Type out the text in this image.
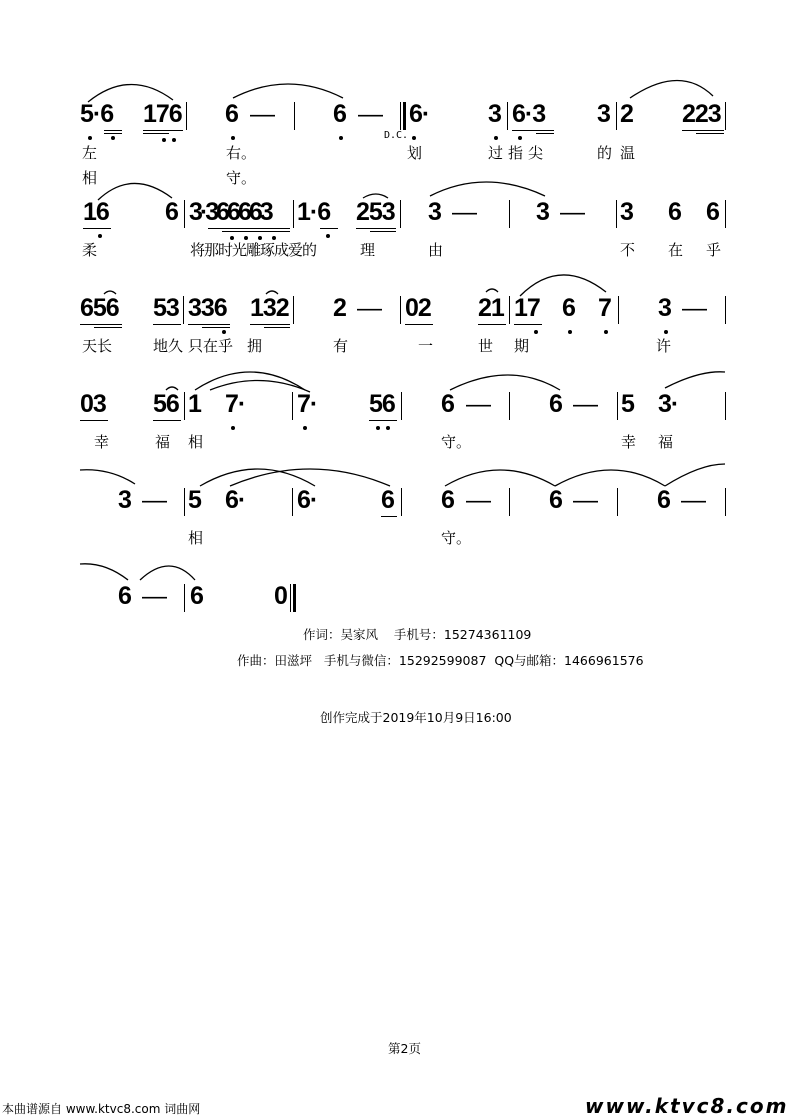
5·6 176 6 — 6 — 6· 3 6·3 3 2 223
D.C.
左	右。	划	过指尖	的温
相	守。
16 6 3·366663 1·6 253 3 — 3 — 3 6 6
柔	将那时光雕琢成爱的	理	由	不 在 乎
656 53 336 132 2 — 02 21 17 6 7 3 —
天长	地久 只在乎 拥	有	一	世 期	许
03 56 1 7· 7· 56 6 — 6 — 5 3·
幸	福 相	守。	幸 福
3 — 5 6· 6·	6 6 — 6 — 6 —
相	守。
6 — 6	0
作词：吴家风    手机号：15274361109
作曲：田滋坪   手机与微信：15292599087  QQ与邮箱：1466961576
创作完成于2019年10月9日16:00
第2页
本曲谱源自 www.ktvc8.com 词曲网	www.ktvc8.com
